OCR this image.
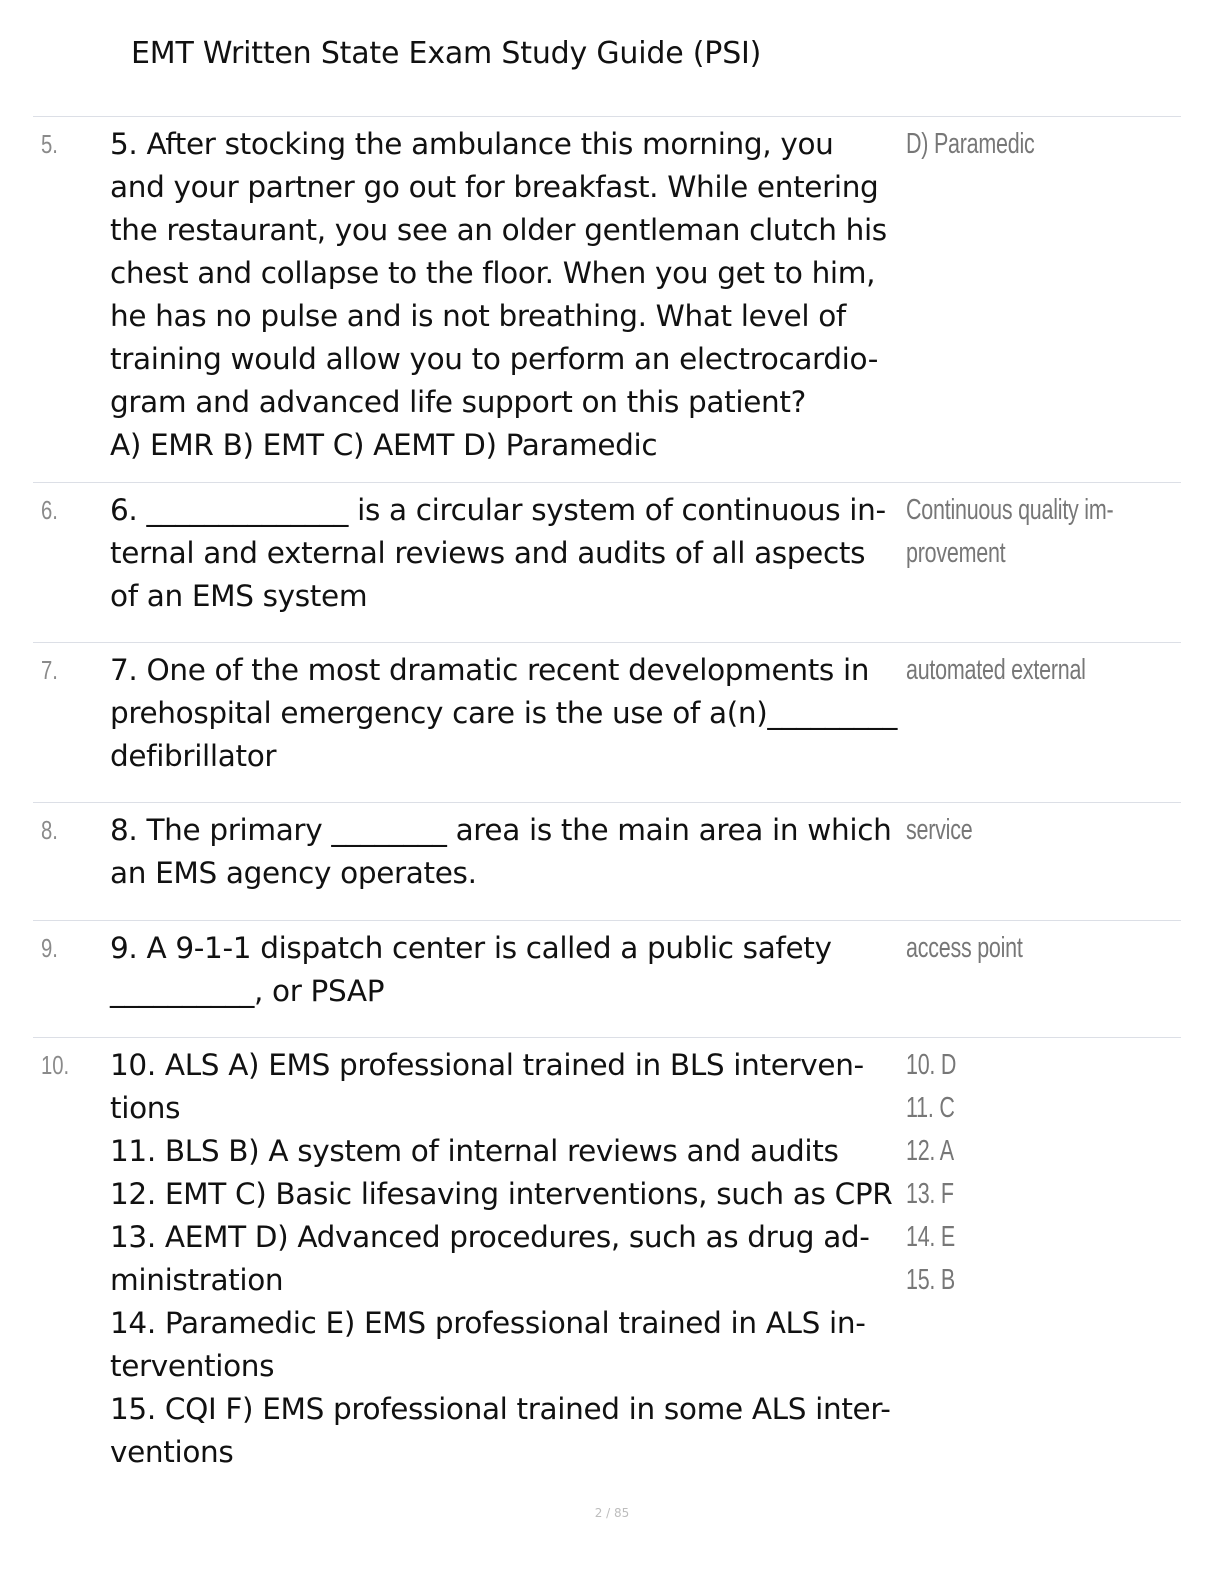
EMT Written State Exam Study Guide (PSI)
5. 5. After stocking the ambulance this morning, you
and your partner go out for breakfast. While entering
the restaurant, you see an older gentleman clutch his
chest and collapse to the floor. When you get to him,
he has no pulse and is not breathing. What level of
training would allow you to perform an electrocardio-
gram and advanced life support on this patient?
A) EMR B) EMT C) AEMT D) Paramedic
D) Paramedic
6. 6. ______________ is a circular system of continuous in-
ternal and external reviews and audits of all aspects
of an EMS system
Continuous quality im-
provement
7. 7. One of the most dramatic recent developments in
prehospital emergency care is the use of a(n)_________
defibrillator
automated external
8. 8. The primary ________ area is the main area in which
an EMS agency operates.
service
9. 9. A 9-1-1 dispatch center is called a public safety
__________, or PSAP
access point
10. 10. ALS A) EMS professional trained in BLS interven-
tions
11. BLS B) A system of internal reviews and audits
12. EMT C) Basic lifesaving interventions, such as CPR
13. AEMT D) Advanced procedures, such as drug ad-
ministration
14. Paramedic E) EMS professional trained in ALS in-
terventions
15. CQI F) EMS professional trained in some ALS inter-
ventions
10. D
11. C
12. A
13. F
14. E
15. B
2 / 85
